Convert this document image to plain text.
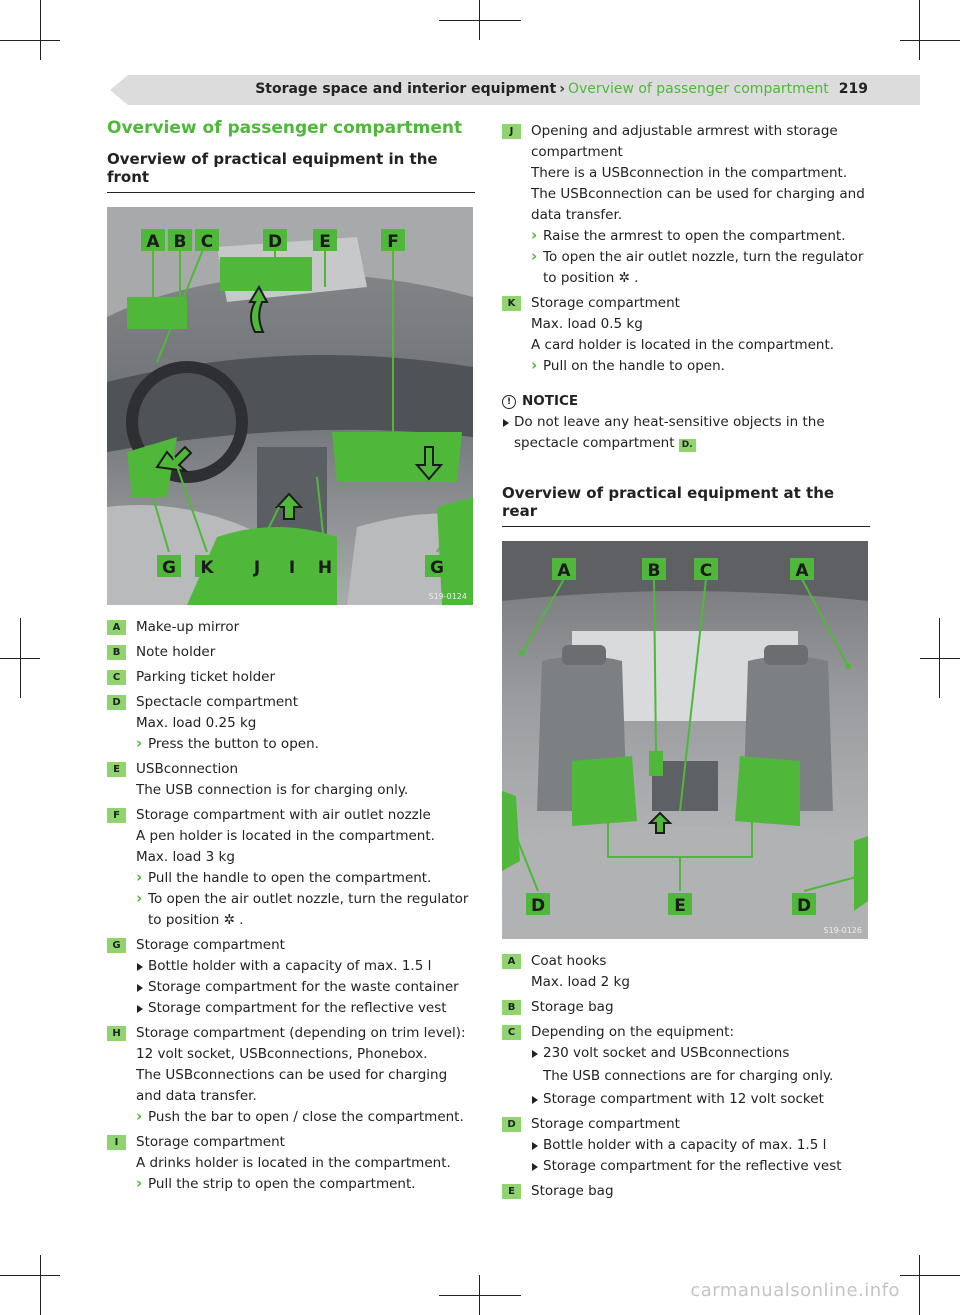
Storage space and interior equipment › Overview of passenger compartment 219
Overview of passenger compartment
Overview of practical equipment in the front
A B C	D E	F
G K J I H	G
S19-0124
A	Make-up mirror
B	Note holder
C	Parking ticket holder
D	Spectacle compartment
Max. load 0.25 kg
› Press the button to open.
E	USBconnection
The USB connection is for charging only.
F	Storage compartment with air outlet nozzle
A pen holder is located in the compartment.
Max. load 3 kg
› Pull the handle to open the compartment.
› To open the air outlet nozzle, turn the regulator to position ✲ .
G	Storage compartment
Bottle holder with a capacity of max. 1.5 l
Storage compartment for the waste container
Storage compartment for the reflective vest
H	Storage compartment (depending on trim level): 12 volt socket, USBconnections, Phonebox.
The USBconnections can be used for charging and data transfer.
› Push the bar to open / close the compartment.
I	Storage compartment
A drinks holder is located in the compartment.
› Pull the strip to open the compartment.
J	Opening and adjustable armrest with storage compartment
There is a USBconnection in the compartment.
The USBconnection can be used for charging and data transfer.
› Raise the armrest to open the compartment.
› To open the air outlet nozzle, turn the regulator to position ✲ .
K	Storage compartment
Max. load 0.5 kg
A card holder is located in the compartment.
› Pull on the handle to open.
! NOTICE
Do not leave any heat-sensitive objects in the spectacle compartment D.
Overview of practical equipment at the rear
A	B C	A
D	E	D
S19-0126
A	Coat hooks
Max. load 2 kg
B	Storage bag
C	Depending on the equipment:
230 volt socket and USBconnections
The USB connections are for charging only.
Storage compartment with 12 volt socket
D	Storage compartment
Bottle holder with a capacity of max. 1.5 l
Storage compartment for the reflective vest
E	Storage bag
carmanualsonline.info
